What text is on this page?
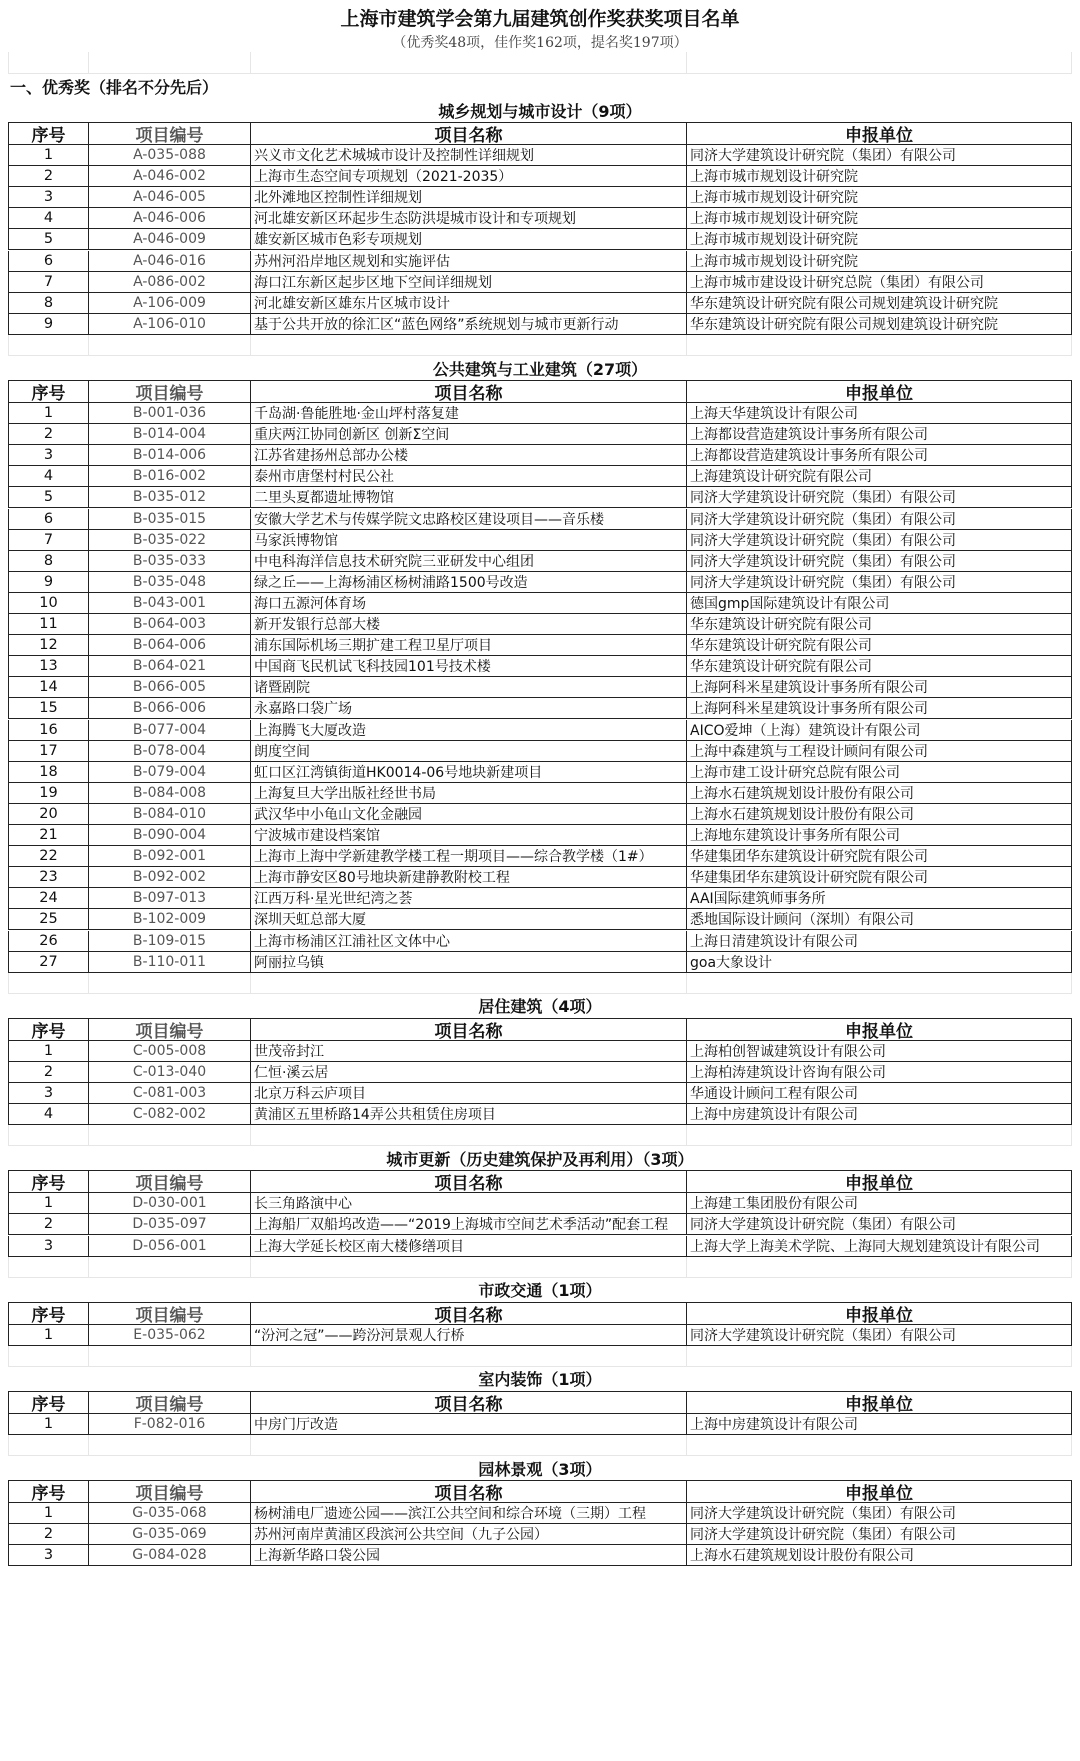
上海市建筑学会第九届建筑创作奖获奖项目名单
（优秀奖48项，佳作奖162项，提名奖197项）
一、优秀奖（排名不分先后）
城乡规划与城市设计（9项）
序号	项目编号	项目名称	申报单位
1	A-035-088	兴义市文化艺术城城市设计及控制性详细规划	同济大学建筑设计研究院（集团）有限公司
2	A-046-002	上海市生态空间专项规划（2021-2035）	上海市城市规划设计研究院
3	A-046-005	北外滩地区控制性详细规划	上海市城市规划设计研究院
4	A-046-006	河北雄安新区环起步生态防洪堤城市设计和专项规划	上海市城市规划设计研究院
5	A-046-009	雄安新区城市色彩专项规划	上海市城市规划设计研究院
6	A-046-016	苏州河沿岸地区规划和实施评估	上海市城市规划设计研究院
7	A-086-002	海口江东新区起步区地下空间详细规划	上海市城市建设设计研究总院（集团）有限公司
8	A-106-009	河北雄安新区雄东片区城市设计	华东建筑设计研究院有限公司规划建筑设计研究院
9	A-106-010	基于公共开放的徐汇区“蓝色网络”系统规划与城市更新行动	华东建筑设计研究院有限公司规划建筑设计研究院
公共建筑与工业建筑（27项）
序号	项目编号	项目名称	申报单位
1	B-001-036	千岛湖·鲁能胜地·金山坪村落复建	上海天华建筑设计有限公司
2	B-014-004	重庆两江协同创新区 创新Σ空间	上海都设营造建筑设计事务所有限公司
3	B-014-006	江苏省建扬州总部办公楼	上海都设营造建筑设计事务所有限公司
4	B-016-002	泰州市唐堡村村民公社	上海建筑设计研究院有限公司
5	B-035-012	二里头夏都遗址博物馆	同济大学建筑设计研究院（集团）有限公司
6	B-035-015	安徽大学艺术与传媒学院文忠路校区建设项目——音乐楼	同济大学建筑设计研究院（集团）有限公司
7	B-035-022	马家浜博物馆	同济大学建筑设计研究院（集团）有限公司
8	B-035-033	中电科海洋信息技术研究院三亚研发中心组团	同济大学建筑设计研究院（集团）有限公司
9	B-035-048	绿之丘——上海杨浦区杨树浦路1500号改造	同济大学建筑设计研究院（集团）有限公司
10	B-043-001	海口五源河体育场	德国gmp国际建筑设计有限公司
11	B-064-003	新开发银行总部大楼	华东建筑设计研究院有限公司
12	B-064-006	浦东国际机场三期扩建工程卫星厅项目	华东建筑设计研究院有限公司
13	B-064-021	中国商飞民机试飞科技园101号技术楼	华东建筑设计研究院有限公司
14	B-066-005	诸暨剧院	上海阿科米星建筑设计事务所有限公司
15	B-066-006	永嘉路口袋广场	上海阿科米星建筑设计事务所有限公司
16	B-077-004	上海腾飞大厦改造	AICO爱坤（上海）建筑设计有限公司
17	B-078-004	朗度空间	上海中森建筑与工程设计顾问有限公司
18	B-079-004	虹口区江湾镇街道HK0014-06号地块新建项目	上海市建工设计研究总院有限公司
19	B-084-008	上海复旦大学出版社经世书局	上海水石建筑规划设计股份有限公司
20	B-084-010	武汉华中小龟山文化金融园	上海水石建筑规划设计股份有限公司
21	B-090-004	宁波城市建设档案馆	上海地东建筑设计事务所有限公司
22	B-092-001	上海市上海中学新建教学楼工程一期项目——综合教学楼（1#）	华建集团华东建筑设计研究院有限公司
23	B-092-002	上海市静安区80号地块新建静教附校工程	华建集团华东建筑设计研究院有限公司
24	B-097-013	江西万科·星光世纪湾之荟	AAI国际建筑师事务所
25	B-102-009	深圳天虹总部大厦	悉地国际设计顾问（深圳）有限公司
26	B-109-015	上海市杨浦区江浦社区文体中心	上海日清建筑设计有限公司
27	B-110-011	阿丽拉乌镇	goa大象设计
居住建筑（4项）
序号	项目编号	项目名称	申报单位
1	C-005-008	世茂帝封江	上海柏创智诚建筑设计有限公司
2	C-013-040	仁恒·溪云居	上海柏涛建筑设计咨询有限公司
3	C-081-003	北京万科云庐项目	华通设计顾问工程有限公司
4	C-082-002	黄浦区五里桥路14弄公共租赁住房项目	上海中房建筑设计有限公司
城市更新（历史建筑保护及再利用）（3项）
序号	项目编号	项目名称	申报单位
1	D-030-001	长三角路演中心	上海建工集团股份有限公司
2	D-035-097	上海船厂双船坞改造——“2019上海城市空间艺术季活动”配套工程	同济大学建筑设计研究院（集团）有限公司
3	D-056-001	上海大学延长校区南大楼修缮项目	上海大学上海美术学院、上海同大规划建筑设计有限公司
市政交通（1项）
序号	项目编号	项目名称	申报单位
1	E-035-062	“汾河之冠”——跨汾河景观人行桥	同济大学建筑设计研究院（集团）有限公司
室内装饰（1项）
序号	项目编号	项目名称	申报单位
1	F-082-016	中房门厅改造	上海中房建筑设计有限公司
园林景观（3项）
序号	项目编号	项目名称	申报单位
1	G-035-068	杨树浦电厂遗迹公园——滨江公共空间和综合环境（三期）工程	同济大学建筑设计研究院（集团）有限公司
2	G-035-069	苏州河南岸黄浦区段滨河公共空间（九子公园）	同济大学建筑设计研究院（集团）有限公司
3	G-084-028	上海新华路口袋公园	上海水石建筑规划设计股份有限公司
